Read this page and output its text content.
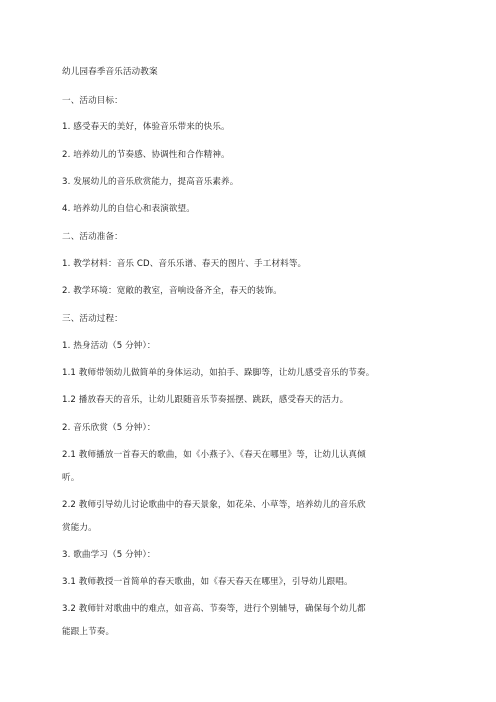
幼儿园春季音乐活动教案
一、活动目标：
1. 感受春天的美好，体验音乐带来的快乐。
2. 培养幼儿的节奏感、协调性和合作精神。
3. 发展幼儿的音乐欣赏能力，提高音乐素养。
4. 培养幼儿的自信心和表演欲望。
二、活动准备：
1. 教学材料：音乐 CD、音乐乐谱、春天的图片、手工材料等。
2. 教学环境：宽敞的教室，音响设备齐全，春天的装饰。
三、活动过程：
1. 热身活动（5 分钟）：
1.1 教师带领幼儿做简单的身体运动，如拍手、跺脚等，让幼儿感受音乐的节奏。
1.2 播放春天的音乐，让幼儿跟随音乐节奏摇摆、跳跃，感受春天的活力。
2. 音乐欣赏（5 分钟）：
2.1 教师播放一首春天的歌曲，如《小燕子》、《春天在哪里》等，让幼儿认真倾
听。
2.2 教师引导幼儿讨论歌曲中的春天景象，如花朵、小草等，培养幼儿的音乐欣
赏能力。
3. 歌曲学习（5 分钟）：
3.1 教师教授一首简单的春天歌曲，如《春天春天在哪里》，引导幼儿跟唱。
3.2 教师针对歌曲中的难点，如音高、节奏等，进行个别辅导，确保每个幼儿都
能跟上节奏。
